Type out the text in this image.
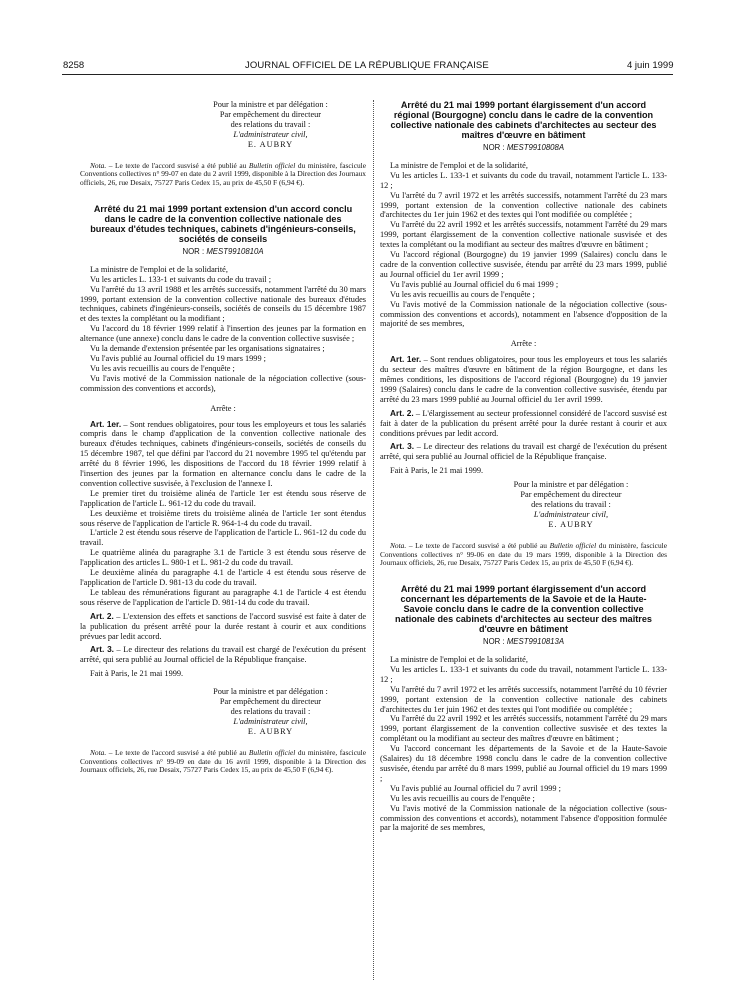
8258	JOURNAL OFFICIEL DE LA RÉPUBLIQUE FRANÇAISE	4 juin 1999

Pour la ministre et par délégation :

Par empêchement du directeur

des relations du travail :

L'administrateur civil,

E. AUBRY

Nota. – Le texte de l'accord susvisé a été publié au Bulletin officiel du ministère, fascicule Conventions collectives n° 99-07 en date du 2 avril 1999, disponible à la Direction des Journaux officiels, 26, rue Desaix, 75727 Paris Cedex 15, au prix de 45,50 F (6,94 €).

Arrêté du 21 mai 1999 portant extension d'un accord conclu dans le cadre de la convention collective nationale des bureaux d'études techniques, cabinets d'ingénieurs-conseils, sociétés de conseils

NOR : MEST9910810A

La ministre de l'emploi et de la solidarité,

Vu les articles L. 133-1 et suivants du code du travail ;

Vu l'arrêté du 13 avril 1988 et les arrêtés successifs, notamment l'arrêté du 30 mars 1999, portant extension de la convention collective nationale des bureaux d'études techniques, cabinets d'ingénieurs-conseils, sociétés de conseils du 15 décembre 1987 et des textes la complétant ou la modifiant ;

Vu l'accord du 18 février 1999 relatif à l'insertion des jeunes par la formation en alternance (une annexe) conclu dans le cadre de la convention collective susvisée ;

Vu la demande d'extension présentée par les organisations signataires ;

Vu l'avis publié au Journal officiel du 19 mars 1999 ;

Vu les avis recueillis au cours de l'enquête ;

Vu l'avis motivé de la Commission nationale de la négociation collective (sous-commission des conventions et accords),

Arrête :

Art. 1er. – Sont rendues obligatoires, pour tous les employeurs et tous les salariés compris dans le champ d'application de la convention collective nationale des bureaux d'études techniques, cabinets d'ingénieurs-conseils, sociétés de conseils du 15 décembre 1987, tel que défini par l'accord du 21 novembre 1995 tel qu'étendu par arrêté du 8 février 1996, les dispositions de l'accord du 18 février 1999 relatif à l'insertion des jeunes par la formation en alternance conclu dans le cadre de la convention collective susvisée, à l'exclusion de l'annexe I.

Le premier tiret du troisième alinéa de l'article 1er est étendu sous réserve de l'application de l'article L. 961-12 du code du travail.

Les deuxième et troisième tirets du troisième alinéa de l'article 1er sont étendus sous réserve de l'application de l'article R. 964-1-4 du code du travail.

L'article 2 est étendu sous réserve de l'application de l'article L. 961-12 du code du travail.

Le quatrième alinéa du paragraphe 3.1 de l'article 3 est étendu sous réserve de l'application des articles L. 980-1 et L. 981-2 du code du travail.

Le deuxième alinéa du paragraphe 4.1 de l'article 4 est étendu sous réserve de l'application de l'article D. 981-13 du code du travail.

Le tableau des rémunérations figurant au paragraphe 4.1 de l'article 4 est étendu sous réserve de l'application de l'article D. 981-14 du code du travail.

Art. 2. – L'extension des effets et sanctions de l'accord susvisé est faite à dater de la publication du présent arrêté pour la durée restant à courir et aux conditions prévues par ledit accord.

Art. 3. – Le directeur des relations du travail est chargé de l'exécution du présent arrêté, qui sera publié au Journal officiel de la République française.

Fait à Paris, le 21 mai 1999.

Pour la ministre et par délégation :

Par empêchement du directeur

des relations du travail :

L'administrateur civil,

E. AUBRY

Nota. – Le texte de l'accord susvisé a été publié au Bulletin officiel du ministère, fascicule Conventions collectives n° 99-09 en date du 16 avril 1999, disponible à la Direction des Journaux officiels, 26, rue Desaix, 75727 Paris Cedex 15, au prix de 45,50 F (6,94 €).

Arrêté du 21 mai 1999 portant élargissement d'un accord régional (Bourgogne) conclu dans le cadre de la convention collective nationale des cabinets d'architectes au secteur des maîtres d'œuvre en bâtiment

NOR : MEST9910808A

La ministre de l'emploi et de la solidarité,

Vu les articles L. 133-1 et suivants du code du travail, notamment l'article L. 133-12 ;

Vu l'arrêté du 7 avril 1972 et les arrêtés successifs, notamment l'arrêté du 23 mars 1999, portant extension de la convention collective nationale des cabinets d'architectes du 1er juin 1962 et des textes qui l'ont modifiée ou complétée ;

Vu l'arrêté du 22 avril 1992 et les arrêtés successifs, notamment l'arrêté du 29 mars 1999, portant élargissement de la convention collective nationale susvisée et des textes la complétant ou la modifiant au secteur des maîtres d'œuvre en bâtiment ;

Vu l'accord régional (Bourgogne) du 19 janvier 1999 (Salaires) conclu dans le cadre de la convention collective susvisée, étendu par arrêté du 23 mars 1999, publié au Journal officiel du 1er avril 1999 ;

Vu l'avis publié au Journal officiel du 6 mai 1999 ;

Vu les avis recueillis au cours de l'enquête ;

Vu l'avis motivé de la Commission nationale de la négociation collective (sous-commission des conventions et accords), notamment en l'absence d'opposition de la majorité de ses membres,

Arrête :

Art. 1er. – Sont rendues obligatoires, pour tous les employeurs et tous les salariés du secteur des maîtres d'œuvre en bâtiment de la région Bourgogne, et dans les mêmes conditions, les dispositions de l'accord régional (Bourgogne) du 19 janvier 1999 (Salaires) conclu dans le cadre de la convention collective susvisée, étendu par arrêté du 23 mars 1999 publié au Journal officiel du 1er avril 1999.

Art. 2. – L'élargissement au secteur professionnel considéré de l'accord susvisé est fait à dater de la publication du présent arrêté pour la durée restant à courir et aux conditions prévues par ledit accord.

Art. 3. – Le directeur des relations du travail est chargé de l'exécution du présent arrêté, qui sera publié au Journal officiel de la République française.

Fait à Paris, le 21 mai 1999.

Pour la ministre et par délégation :

Par empêchement du directeur

des relations du travail :

L'administrateur civil,

E. AUBRY

Nota. – Le texte de l'accord susvisé a été publié au Bulletin officiel du ministère, fascicule Conventions collectives n° 99-06 en date du 19 mars 1999, disponible à la Direction des Journaux officiels, 26, rue Desaix, 75727 Paris Cedex 15, au prix de 45,50 F (6,94 €).

Arrêté du 21 mai 1999 portant élargissement d'un accord concernant les départements de la Savoie et de la Haute-Savoie conclu dans le cadre de la convention collective nationale des cabinets d'architectes au secteur des maîtres d'œuvre en bâtiment

NOR : MEST9910813A

La ministre de l'emploi et de la solidarité,

Vu les articles L. 133-1 et suivants du code du travail, notamment l'article L. 133-12 ;

Vu l'arrêté du 7 avril 1972 et les arrêtés successifs, notamment l'arrêté du 10 février 1999, portant extension de la convention collective nationale des cabinets d'architectes du 1er juin 1962 et des textes qui l'ont modifiée ou complétée ;

Vu l'arrêté du 22 avril 1992 et les arrêtés successifs, notamment l'arrêté du 29 mars 1999, portant élargissement de la convention collective susvisée et des textes la complétant ou la modifiant au secteur des maîtres d'œuvre en bâtiment ;

Vu l'accord concernant les départements de la Savoie et de la Haute-Savoie (Salaires) du 18 décembre 1998 conclu dans le cadre de la convention collective susvisée, étendu par arrêté du 8 mars 1999, publié au Journal officiel du 19 mars 1999 ;

Vu l'avis publié au Journal officiel du 7 avril 1999 ;

Vu les avis recueillis au cours de l'enquête ;

Vu l'avis motivé de la Commission nationale de la négociation collective (sous-commission des conventions et accords), notamment l'absence d'opposition formulée par la majorité de ses membres,
